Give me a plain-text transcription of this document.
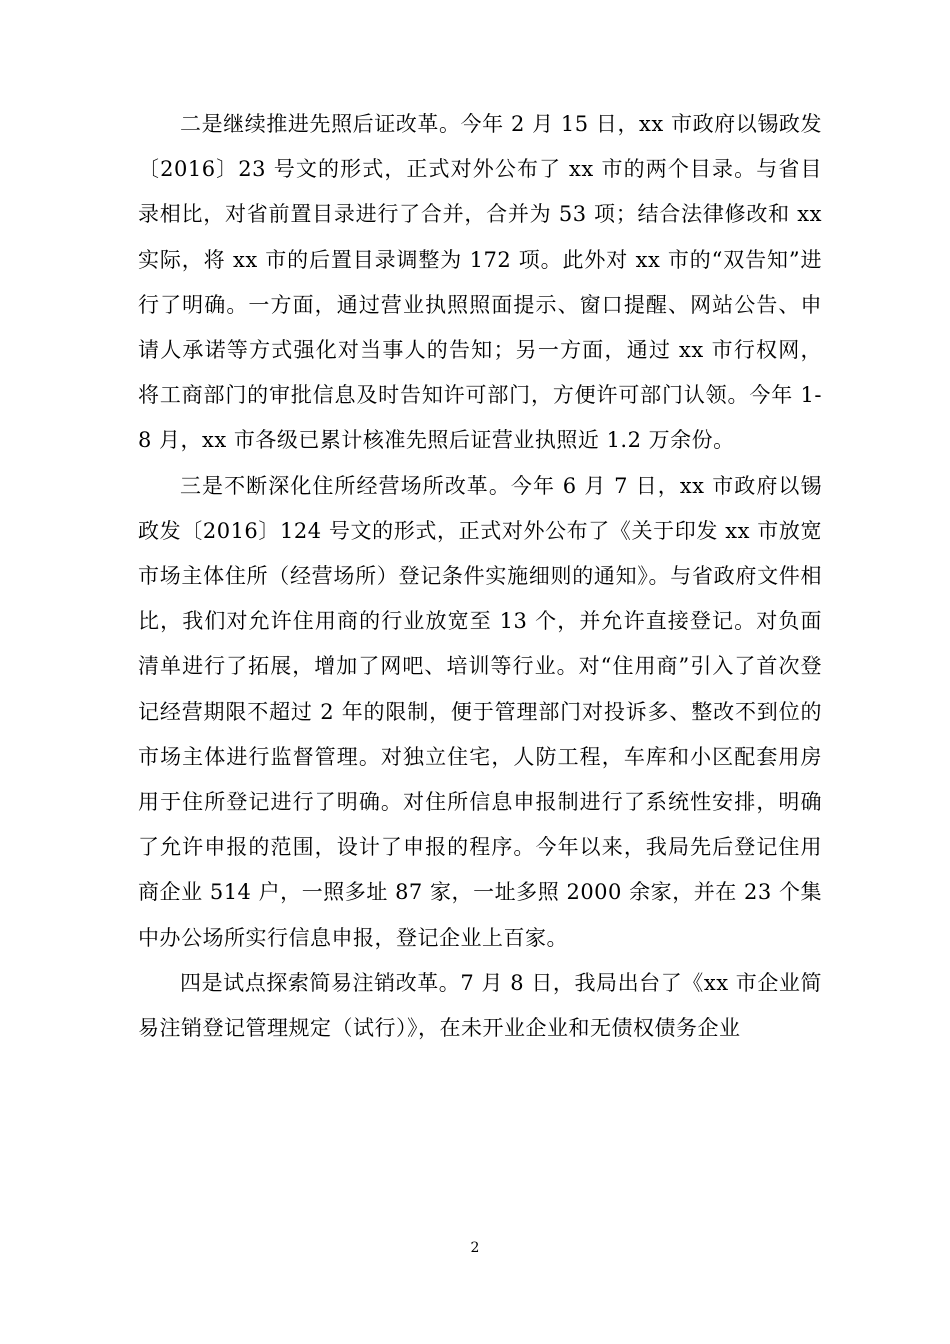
二是继续推进先照后证改革。今年 2 月 15 日，xx 市政府以锡政发〔2016〕23 号文的形式，正式对外公布了 xx 市的两个目录。与省目录相比，对省前置目录进行了合并，合并为 53 项；结合法律修改和 xx 实际，将 xx 市的后置目录调整为 172 项。此外对 xx 市的“双告知”进行了明确。一方面，通过营业执照照面提示、窗口提醒、网站公告、申请人承诺等方式强化对当事人的告知；另一方面，通过 xx 市行权网，将工商部门的审批信息及时告知许可部门，方便许可部门认领。今年 1-8 月，xx 市各级已累计核准先照后证营业执照近 1.2 万余份。

三是不断深化住所经营场所改革。今年 6 月 7 日，xx 市政府以锡政发〔2016〕124 号文的形式，正式对外公布了《关于印发 xx 市放宽市场主体住所（经营场所）登记条件实施细则的通知》。与省政府文件相比，我们对允许住用商的行业放宽至 13 个，并允许直接登记。对负面清单进行了拓展，增加了网吧、培训等行业。对“住用商”引入了首次登记经营期限不超过 2 年的限制，便于管理部门对投诉多、整改不到位的市场主体进行监督管理。对独立住宅，人防工程，车库和小区配套用房用于住所登记进行了明确。对住所信息申报制进行了系统性安排，明确了允许申报的范围，设计了申报的程序。今年以来，我局先后登记住用商企业 514 户，一照多址 87 家，一址多照 2000 余家，并在 23 个集中办公场所实行信息申报，登记企业上百家。

四是试点探索简易注销改革。7 月 8 日，我局出台了《xx 市企业简易注销登记管理规定（试行）》，在未开业企业和无债权债务企业

2
